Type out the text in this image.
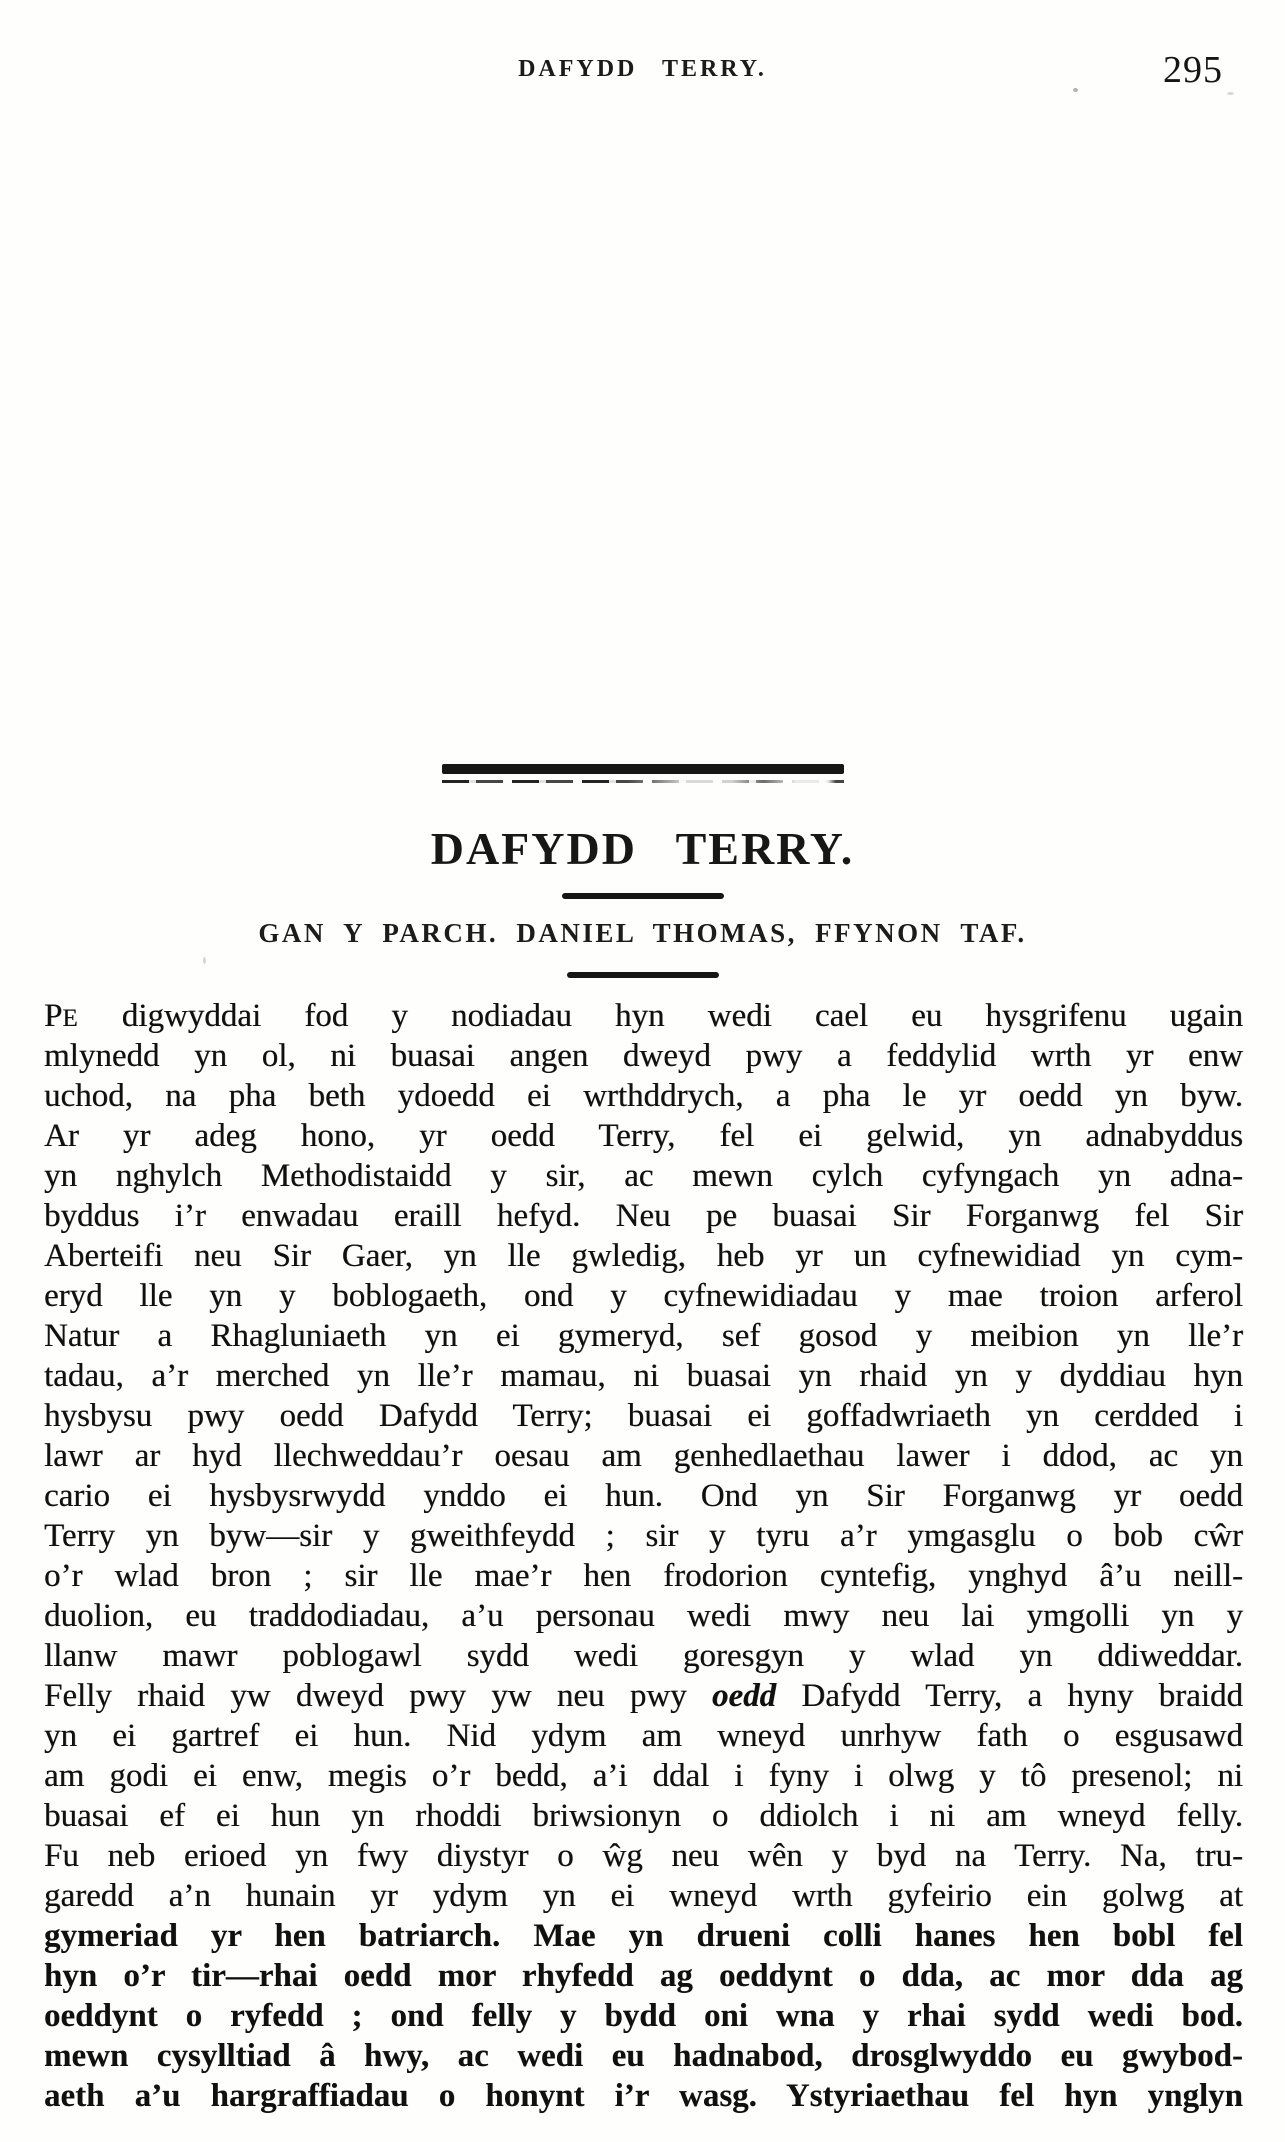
DAFYDD TERRY.	295
DAFYDD TERRY.
GAN Y PARCH. DANIEL THOMAS, FFYNON TAF.
PE digwyddai fod y nodiadau hyn wedi cael eu hysgrifenu ugain
mlynedd yn ol, ni buasai angen dweyd pwy a feddylid wrth yr enw
uchod, na pha beth ydoedd ei wrthddrych, a pha le yr oedd yn byw.
Ar yr adeg hono, yr oedd Terry, fel ei gelwid, yn adnabyddus
yn nghylch Methodistaidd y sir, ac mewn cylch cyfyngach yn adna-
byddus i’r enwadau eraill hefyd. Neu pe buasai Sir Forganwg fel Sir
Aberteifi neu Sir Gaer, yn lle gwledig, heb yr un cyfnewidiad yn cym-
eryd lle yn y boblogaeth, ond y cyfnewidiadau y mae troion arferol
Natur a Rhagluniaeth yn ei gymeryd, sef gosod y meibion yn lle’r
tadau, a’r merched yn lle’r mamau, ni buasai yn rhaid yn y dyddiau hyn
hysbysu pwy oedd Dafydd Terry; buasai ei goffadwriaeth yn cerdded i
lawr ar hyd llechweddau’r oesau am genhedlaethau lawer i ddod, ac yn
cario ei hysbysrwydd ynddo ei hun. Ond yn Sir Forganwg yr oedd
Terry yn byw—sir y gweithfeydd ; sir y tyru a’r ymgasglu o bob cŵr
o’r wlad bron ; sir lle mae’r hen frodorion cyntefig, ynghyd â’u neill-
duolion, eu traddodiadau, a’u personau wedi mwy neu lai ymgolli yn y
llanw mawr poblogawl sydd wedi goresgyn y wlad yn ddiweddar.
Felly rhaid yw dweyd pwy yw neu pwy oedd Dafydd Terry, a hyny braidd
yn ei gartref ei hun. Nid ydym am wneyd unrhyw fath o esgusawd
am godi ei enw, megis o’r bedd, a’i ddal i fyny i olwg y tô presenol; ni
buasai ef ei hun yn rhoddi briwsionyn o ddiolch i ni am wneyd felly.
Fu neb erioed yn fwy diystyr o ŵg neu wên y byd na Terry. Na, tru-
garedd a’n hunain yr ydym yn ei wneyd wrth gyfeirio ein golwg at
gymeriad yr hen batriarch. Mae yn drueni colli hanes hen bobl fel
hyn o’r tir—rhai oedd mor rhyfedd ag oeddynt o dda, ac mor dda ag
oeddynt o ryfedd ; ond felly y bydd oni wna y rhai sydd wedi bod.
mewn cysylltiad â hwy, ac wedi eu hadnabod, drosglwyddo eu gwybod-
aeth a’u hargraffiadau o honynt i’r wasg. Ystyriaethau fel hyn ynglyn
